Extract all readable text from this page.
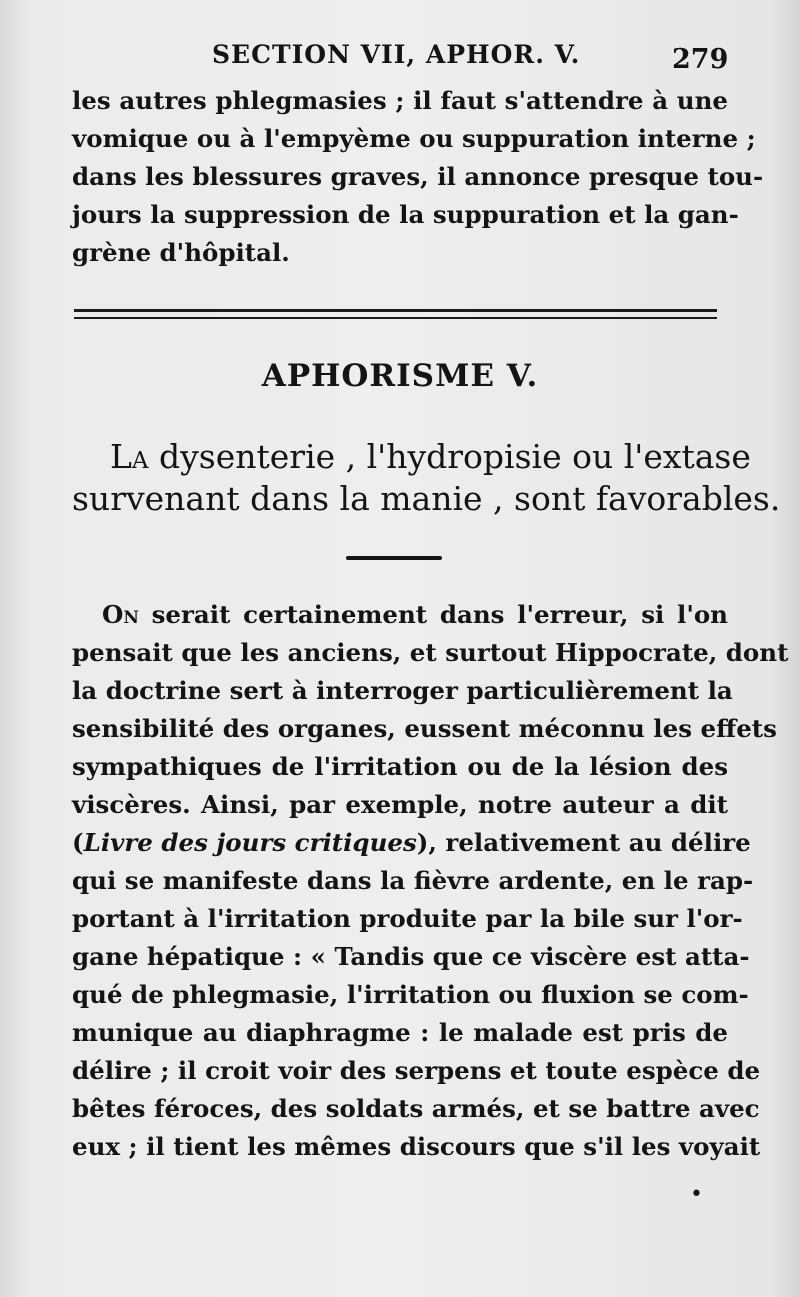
SECTION VII, APHOR. V.	279

les autres phlegmasies ; il faut s'attendre à une
vomique ou à l'empyème ou suppuration interne ;
dans les blessures graves, il annonce presque tou-
jours la suppression de la suppuration et la gan-
grène d'hôpital.

APHORISME V.

La dysenterie , l'hydropisie ou l'extase
survenant dans la manie , sont favorables.

On serait certainement dans l'erreur, si l'on
pensait que les anciens, et surtout Hippocrate, dont
la doctrine sert à interroger particulièrement la
sensibilité des organes, eussent méconnu les effets
sympathiques de l'irritation ou de la lésion des
viscères. Ainsi, par exemple, notre auteur a dit
(Livre des jours critiques), relativement au délire
qui se manifeste dans la fièvre ardente, en le rap-
portant à l'irritation produite par la bile sur l'or-
gane hépatique : « Tandis que ce viscère est atta-
qué de phlegmasie, l'irritation ou fluxion se com-
munique au diaphragme : le malade est pris de
délire ; il croit voir des serpens et toute espèce de
bêtes féroces, des soldats armés, et se battre avec
eux ; il tient les mêmes discours que s'il les voyait

•
